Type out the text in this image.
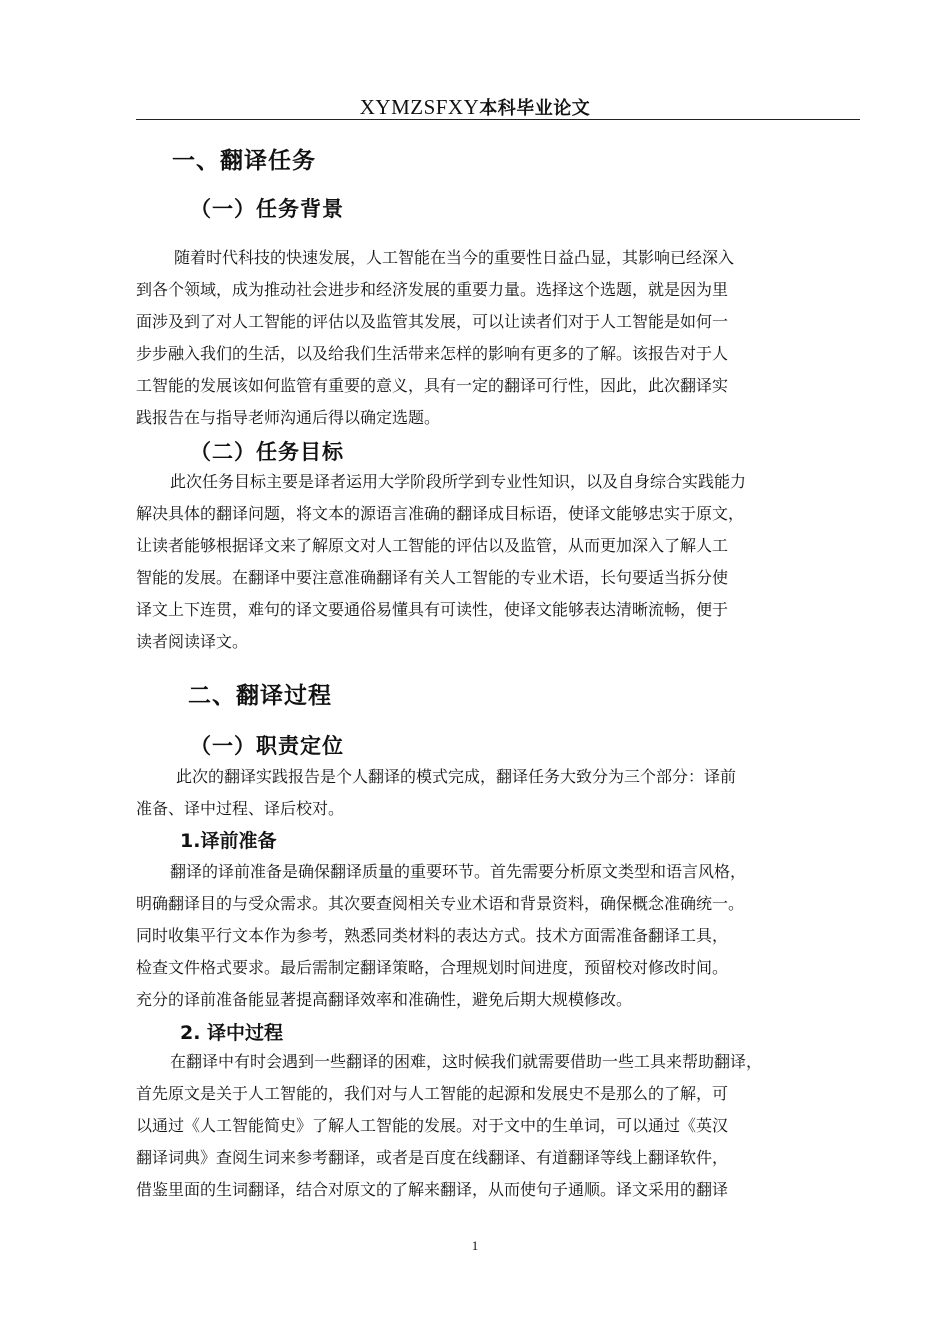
XYMZSFXY本科毕业论文
一、翻译任务
（一）任务背景
随着时代科技的快速发展，人工智能在当今的重要性日益凸显，其影响已经深入
到各个领域，成为推动社会进步和经济发展的重要力量。选择这个选题，就是因为里
面涉及到了对人工智能的评估以及监管其发展，可以让读者们对于人工智能是如何一
步步融入我们的生活，以及给我们生活带来怎样的影响有更多的了解。该报告对于人
工智能的发展该如何监管有重要的意义，具有一定的翻译可行性，因此，此次翻译实
践报告在与指导老师沟通后得以确定选题。
（二）任务目标
此次任务目标主要是译者运用大学阶段所学到专业性知识，以及自身综合实践能力
解决具体的翻译问题，将文本的源语言准确的翻译成目标语，使译文能够忠实于原文，
让读者能够根据译文来了解原文对人工智能的评估以及监管，从而更加深入了解人工
智能的发展。在翻译中要注意准确翻译有关人工智能的专业术语，长句要适当拆分使
译文上下连贯，难句的译文要通俗易懂具有可读性，使译文能够表达清晰流畅，便于
读者阅读译文。
二、翻译过程
（一）职责定位
此次的翻译实践报告是个人翻译的模式完成，翻译任务大致分为三个部分：译前
准备、译中过程、译后校对。
1.译前准备
翻译的译前准备是确保翻译质量的重要环节。首先需要分析原文类型和语言风格，
明确翻译目的与受众需求。其次要查阅相关专业术语和背景资料，确保概念准确统一。
同时收集平行文本作为参考，熟悉同类材料的表达方式。技术方面需准备翻译工具，
检查文件格式要求。最后需制定翻译策略，合理规划时间进度，预留校对修改时间。
充分的译前准备能显著提高翻译效率和准确性，避免后期大规模修改。
2. 译中过程
在翻译中有时会遇到一些翻译的困难，这时候我们就需要借助一些工具来帮助翻译，
首先原文是关于人工智能的，我们对与人工智能的起源和发展史不是那么的了解，可
以通过《人工智能简史》了解人工智能的发展。对于文中的生单词，可以通过《英汉
翻译词典》查阅生词来参考翻译，或者是百度在线翻译、有道翻译等线上翻译软件，
借鉴里面的生词翻译，结合对原文的了解来翻译，从而使句子通顺。译文采用的翻译
1
